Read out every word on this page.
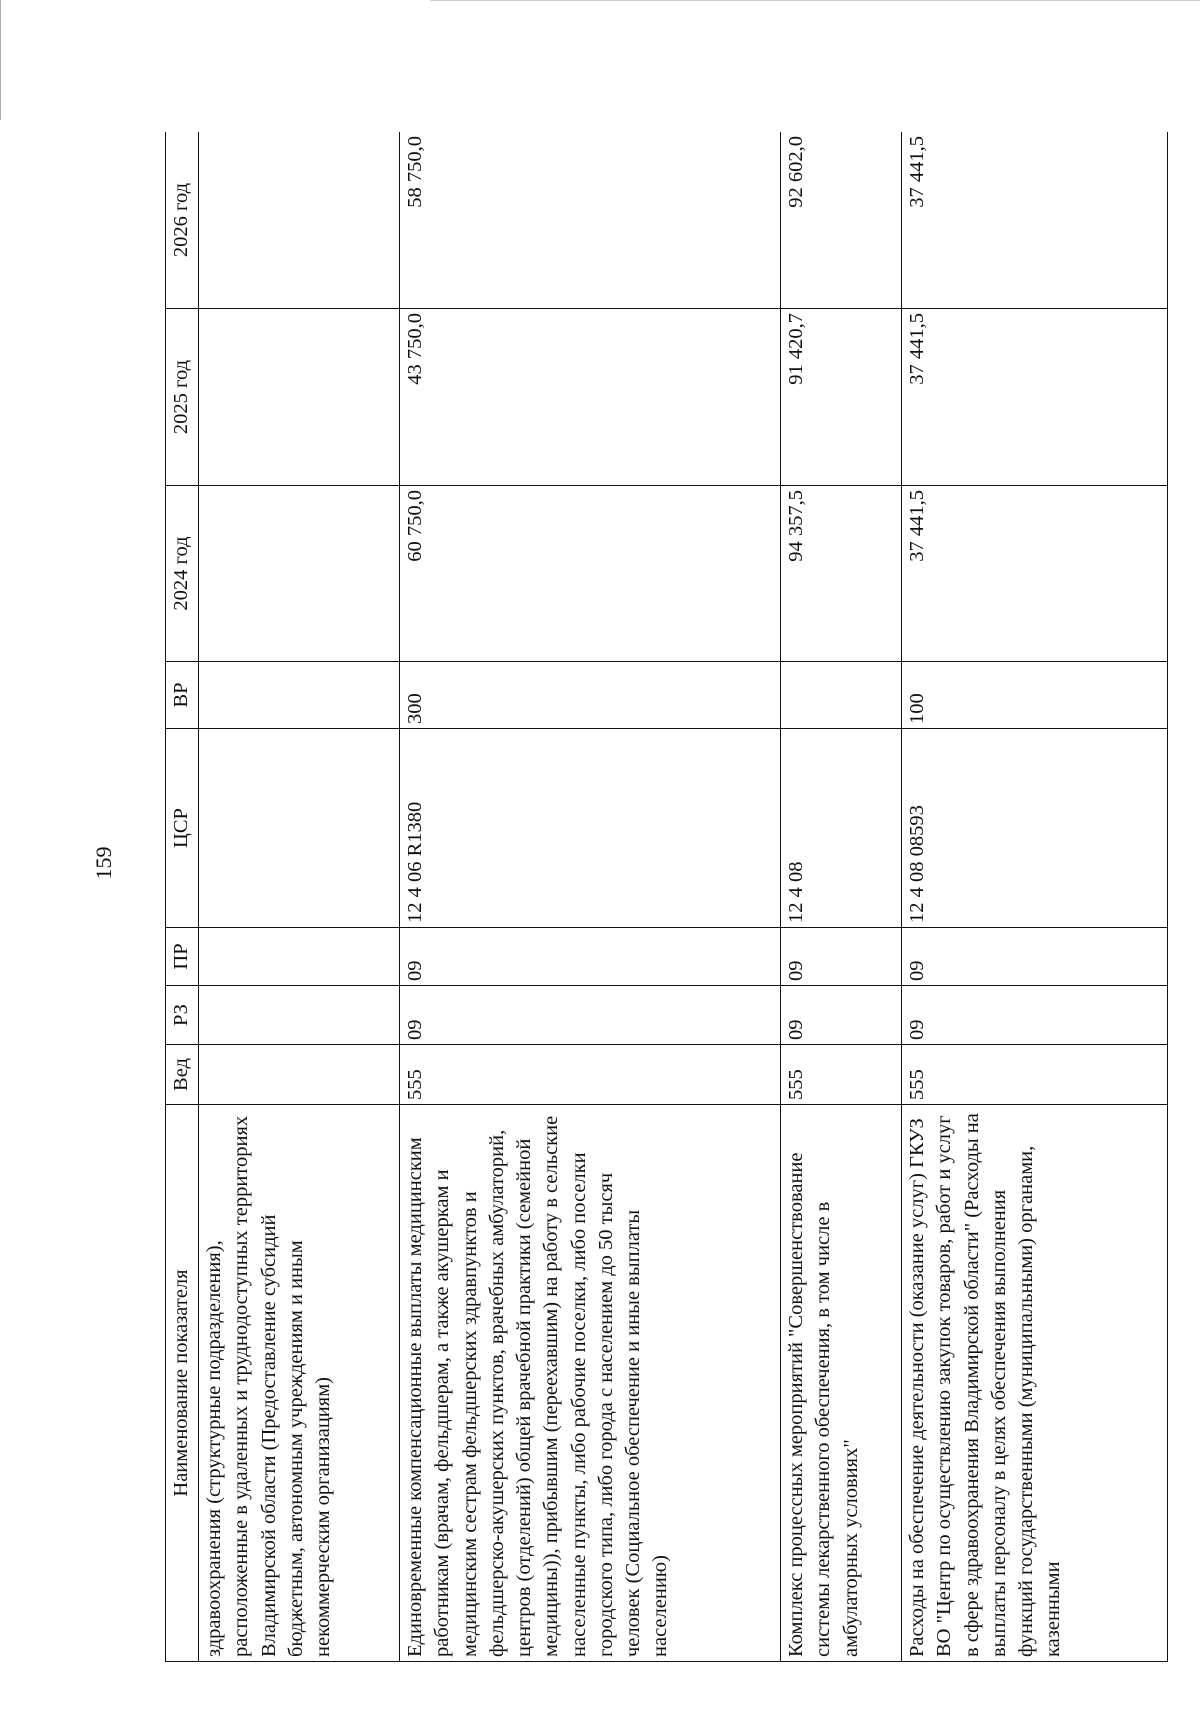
159
Наименование показателя	Вед	РЗ	ПР	ЦСР	ВР	2024 год	2025 год	2026 год
здравоохранения (структурные подразделения), расположенные в удаленных и труднодоступных территориях Владимирской области (Предоставление субсидий бюджетным, автономным учреждениям и иным некоммерческим организациям)								
Единовременные компенсационные выплаты медицинским работникам (врачам, фельдшерам, а также акушеркам и медицинским сестрам фельдшерских здравпунктов и фельдшерско-акушерских пунктов, врачебных амбулаторий, центров (отделений) общей врачебной практики (семейной медицины)), прибывшим (переехавшим) на работу в сельские населенные пункты, либо рабочие поселки, либо поселки городского типа, либо города с населением до 50 тысяч человек (Социальное обеспечение и иные выплаты населению)	555	09	09	12 4 06 R1380	300	60 750,0	43 750,0	58 750,0
Комплекс процессных мероприятий "Совершенствование системы лекарственного обеспечения, в том числе в амбулаторных условиях"	555	09	09	12 4 08		94 357,5	91 420,7	92 602,0
Расходы на обеспечение деятельности (оказание услуг) ГКУЗ ВО "Центр по осуществлению закупок товаров, работ и услуг в сфере здравоохранения Владимирской области" (Расходы на выплаты персоналу в целях обеспечения выполнения функций государственными (муниципальными) органами, казенными	555	09	09	12 4 08 08593	100	37 441,5	37 441,5	37 441,5
